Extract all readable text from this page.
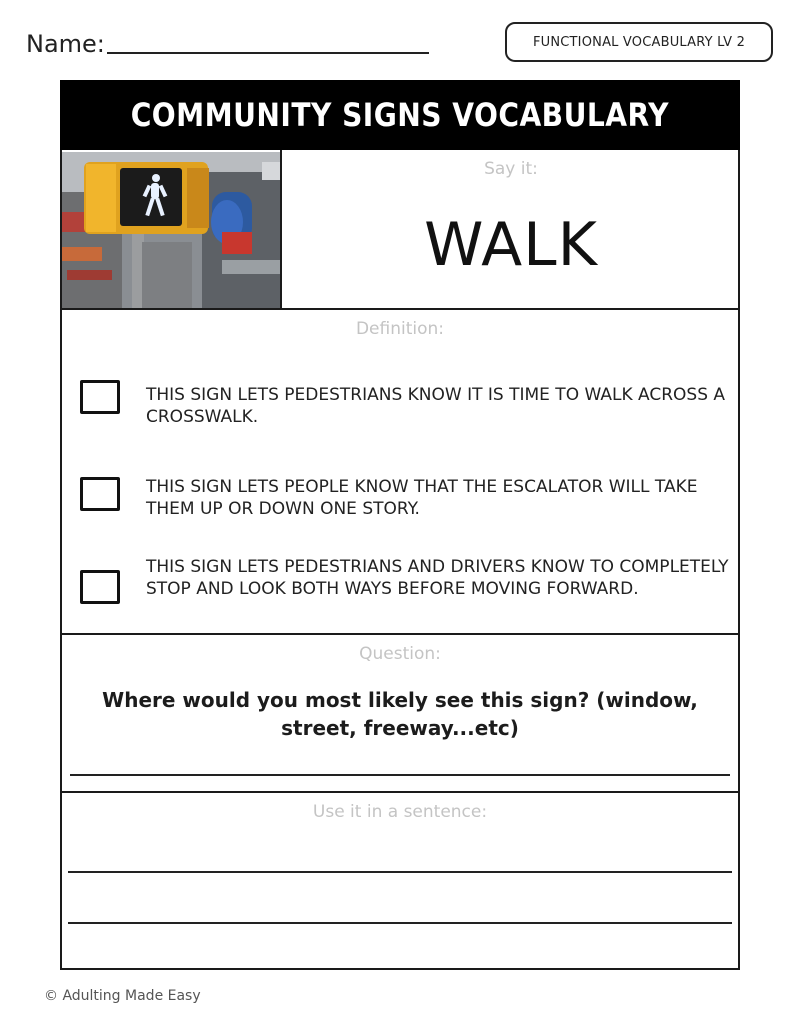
Name:	FUNCTIONAL VOCABULARY LV 2
COMMUNITY SIGNS VOCABULARY
Say it:
WALK
Definition:
THIS SIGN LETS PEDESTRIANS KNOW IT IS TIME TO WALK ACROSS A CROSSWALK.
THIS SIGN LETS PEOPLE KNOW THAT THE ESCALATOR WILL TAKE THEM UP OR DOWN ONE STORY.
THIS SIGN LETS PEDESTRIANS AND DRIVERS KNOW TO COMPLETELY STOP AND LOOK BOTH WAYS BEFORE MOVING FORWARD.
Question:
Where would you most likely see this sign? (window, street, freeway...etc)
Use it in a sentence:
© Adulting Made Easy
